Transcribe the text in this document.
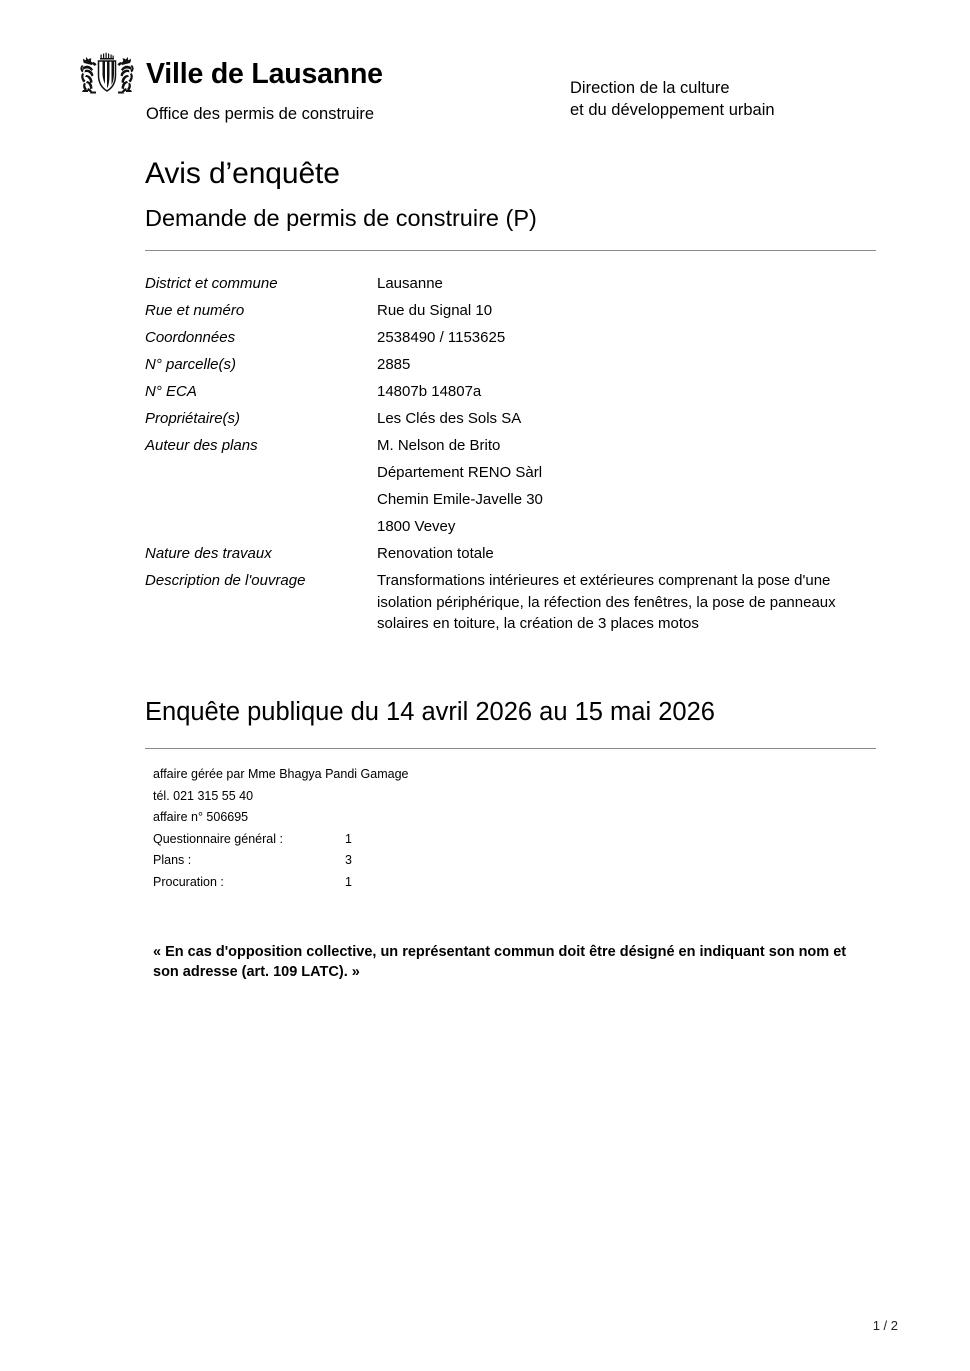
Ville de Lausanne
Office des permis de construire
Direction de la culture
et du développement urbain
Avis d’enquête
Demande de permis de construire (P)
District et commune	Lausanne
Rue et numéro	Rue du Signal 10
Coordonnées	2538490 / 1153625
N° parcelle(s)	2885
N° ECA	14807b 14807a
Propriétaire(s)	Les Clés des Sols SA
Auteur des plans	M. Nelson de Brito
Département RENO Sàrl
Chemin Emile-Javelle 30
1800 Vevey
Nature des travaux	Renovation totale
Description de l'ouvrage	Transformations intérieures et extérieures comprenant la pose d'une isolation périphérique, la réfection des fenêtres, la pose de panneaux solaires en toiture, la création de 3 places motos
Enquête publique du 14 avril 2026 au 15 mai 2026
affaire gérée par Mme Bhagya Pandi Gamage
tél. 021 315 55 40
affaire n° 506695
Questionnaire général :	1
Plans :	3
Procuration :	1
« En cas d'opposition collective, un représentant commun doit être désigné en indiquant son nom et son adresse (art. 109 LATC). »
1 / 2
